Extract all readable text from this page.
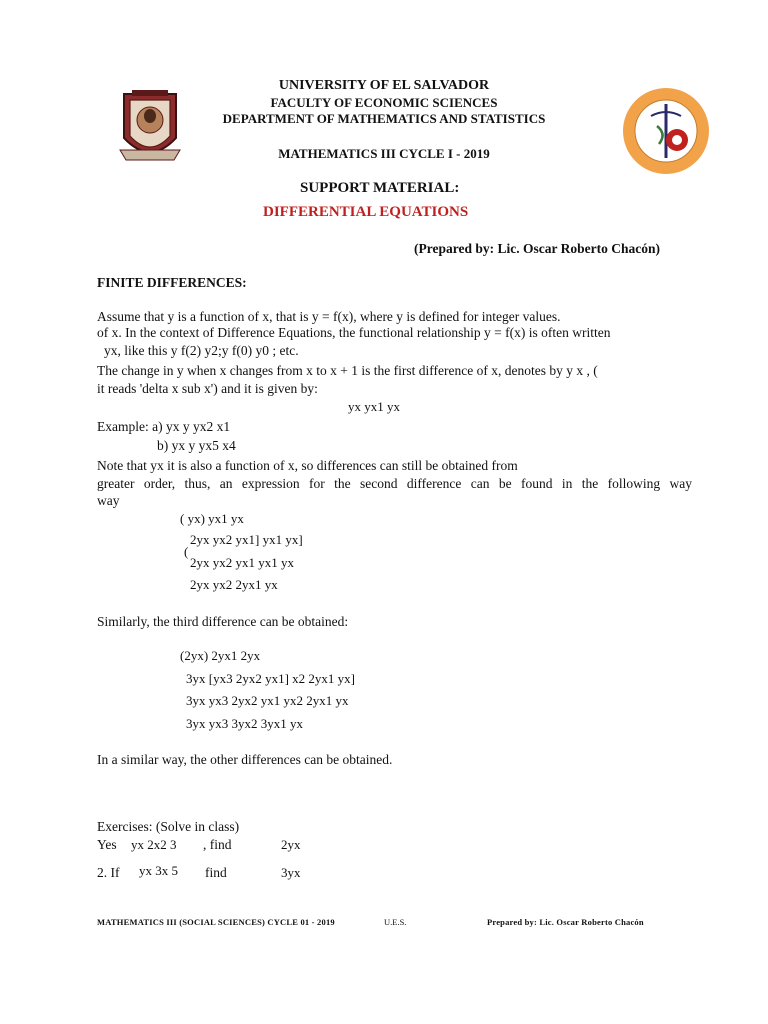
UNIVERSITY OF EL SALVADOR
FACULTY OF ECONOMIC SCIENCES
DEPARTMENT OF MATHEMATICS AND STATISTICS
MATHEMATICS III CYCLE I - 2019
SUPPORT MATERIAL:
DIFFERENTIAL EQUATIONS
(Prepared by: Lic. Oscar Roberto Chacón)
FINITE DIFFERENCES:
Assume that y is a function of x, that is y = f(x), where y is defined for integer values.
of x. In the context of Difference Equations, the functional relationship y = f(x) is often written
yx, like this y f(2) y2;y f(0) y0 ; etc.
The change in y when x changes from x to x + 1 is the first difference of x, denotes by y x , (
it reads 'delta x sub x') and it is given by:
yx yx1 yx
Example: a) yx y yx2 x1
b) yx y yx5 x4
Note that yx it is also a function of x, so differences can still be obtained from
greater order, thus, an expression for the second difference can be found in the following way
way
( yx) yx1 yx
2yx yx2 yx1] yx1 yx]
(
2yx yx2 yx1 yx1 yx
2yx yx2 2yx1 yx
Similarly, the third difference can be obtained:
(2yx) 2yx1 2yx
3yx [yx3 2yx2 yx1] x2 2yx1 yx]
3yx yx3 2yx2 yx1 yx2 2yx1 yx
3yx yx3 3yx2 3yx1 yx
In a similar way, the other differences can be obtained.
Exercises: (Solve in class)
Yes yx 2x2 3 , find	2yx
2. If yx 3x 5 find	3yx
MATHEMATICS III (SOCIAL SCIENCES) CYCLE 01 - 2019	U.E.S.	Prepared by: Lic. Oscar Roberto Chacón
